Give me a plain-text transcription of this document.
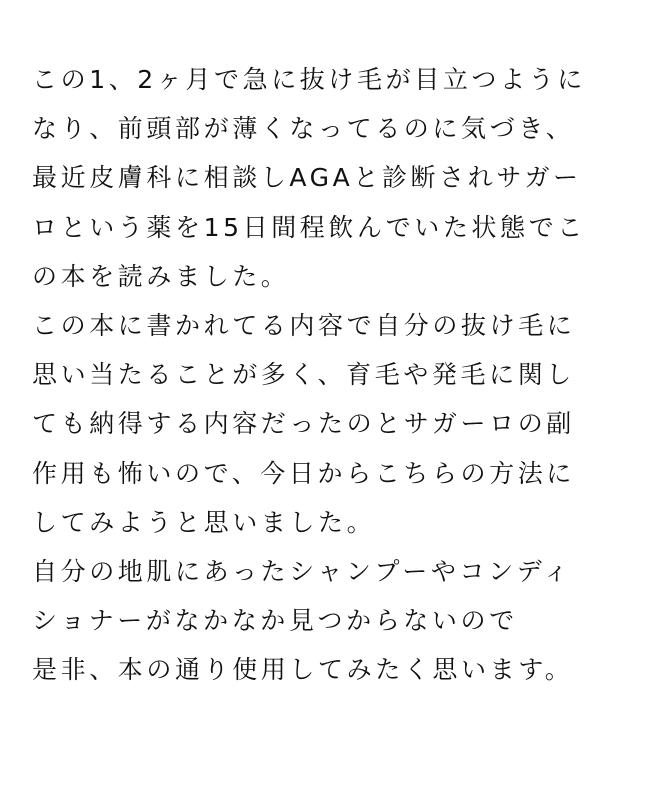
この1、2ヶ月で急に抜け毛が目立つように
なり、前頭部が薄くなってるのに気づき、
最近皮膚科に相談しAGAと診断されサガー
ロという薬を15日間程飲んでいた状態でこ
の本を読みました。
この本に書かれてる内容で自分の抜け毛に
思い当たることが多く、育毛や発毛に関し
ても納得する内容だったのとサガーロの副
作用も怖いので、今日からこちらの方法に
してみようと思いました。
自分の地肌にあったシャンプーやコンディ
ショナーがなかなか見つからないので
是非、本の通り使用してみたく思います。
